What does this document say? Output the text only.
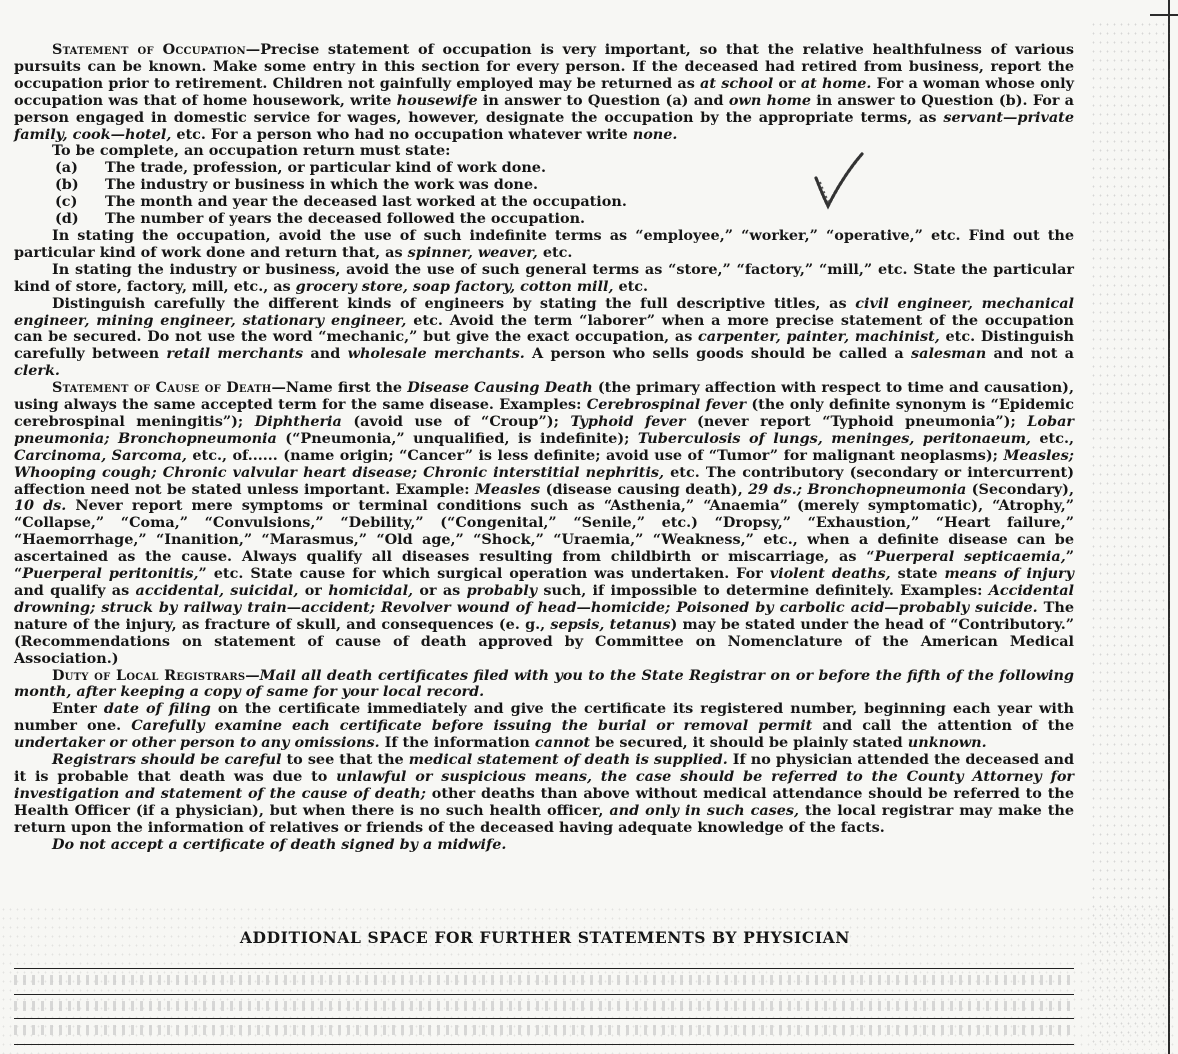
Statement of Occupation—Precise statement of occupation is very important, so that the relative healthfulness of various pursuits can be known. Make some entry in this section for every person. If the deceased had retired from business, report the occupation prior to retirement. Children not gainfully employed may be returned as at school or at home. For a woman whose only occupation was that of home housework, write housewife in answer to Question (a) and own home in answer to Question (b). For a person engaged in domestic service for wages, however, designate the occupation by the appropriate terms, as servant—private family, cook—hotel, etc. For a person who had no occupation whatever write none.

To be complete, an occupation return must state:

(a)	The trade, profession, or particular kind of work done.
(b)	The industry or business in which the work was done.
(c)	The month and year the deceased last worked at the occupation.
(d)	The number of years the deceased followed the occupation.

In stating the occupation, avoid the use of such indefinite terms as “employee,” “worker,” “operative,” etc. Find out the particular kind of work done and return that, as spinner, weaver, etc.

In stating the industry or business, avoid the use of such general terms as “store,” “factory,” “mill,” etc. State the particular kind of store, factory, mill, etc., as grocery store, soap factory, cotton mill, etc.

Distinguish carefully the different kinds of engineers by stating the full descriptive titles, as civil engineer, mechanical engineer, mining engineer, stationary engineer, etc. Avoid the term “laborer” when a more precise statement of the occupation can be secured. Do not use the word “mechanic,” but give the exact occupation, as carpenter, painter, machinist, etc. Distinguish carefully between retail merchants and wholesale merchants. A person who sells goods should be called a salesman and not a clerk.

Statement of Cause of Death—Name first the Disease Causing Death (the primary affection with respect to time and causation), using always the same accepted term for the same disease. Examples: Cerebrospinal fever (the only definite synonym is “Epidemic cerebrospinal meningitis”); Diphtheria (avoid use of “Croup”); Typhoid fever (never report “Typhoid pneumonia”); Lobar pneumonia; Bronchopneumonia (“Pneumonia,” unqualified, is indefinite); Tuberculosis of lungs, meninges, peritonaeum, etc., Carcinoma, Sarcoma, etc., of...... (name origin; “Cancer” is less definite; avoid use of “Tumor” for malignant neoplasms); Measles; Whooping cough; Chronic valvular heart disease; Chronic interstitial nephritis, etc. The contributory (secondary or intercurrent) affection need not be stated unless important. Example: Measles (disease causing death), 29 ds.; Bronchopneumonia (Secondary), 10 ds. Never report mere symptoms or terminal conditions such as “Asthenia,” “Anaemia” (merely symptomatic), “Atrophy,” “Collapse,” “Coma,” “Convulsions,” “Debility,” (“Congenital,” “Senile,” etc.) “Dropsy,” “Exhaustion,” “Heart failure,” “Haemorrhage,” “Inanition,” “Marasmus,” “Old age,” “Shock,” “Uraemia,” “Weakness,” etc., when a definite disease can be ascertained as the cause. Always qualify all diseases resulting from childbirth or miscarriage, as “Puerperal septicaemia,” “Puerperal peritonitis,” etc. State cause for which surgical operation was undertaken. For violent deaths, state means of injury and qualify as accidental, suicidal, or homicidal, or as probably such, if impossible to determine definitely. Examples: Accidental drowning; struck by railway train—accident; Revolver wound of head—homicide; Poisoned by carbolic acid—probably suicide. The nature of the injury, as fracture of skull, and consequences (e. g., sepsis, tetanus) may be stated under the head of “Contributory.” (Recommendations on statement of cause of death approved by Committee on Nomenclature of the American Medical Association.)

Duty of Local Registrars—Mail all death certificates filed with you to the State Registrar on or before the fifth of the following month, after keeping a copy of same for your local record.

Enter date of filing on the certificate immediately and give the certificate its registered number, beginning each year with number one. Carefully examine each certificate before issuing the burial or removal permit and call the attention of the undertaker or other person to any omissions. If the information cannot be secured, it should be plainly stated unknown.

Registrars should be careful to see that the medical statement of death is supplied. If no physician attended the deceased and it is probable that death was due to unlawful or suspicious means, the case should be referred to the County Attorney for investigation and statement of the cause of death; other deaths than above without medical attendance should be referred to the Health Officer (if a physician), but when there is no such health officer, and only in such cases, the local registrar may make the return upon the information of relatives or friends of the deceased having adequate knowledge of the facts.

Do not accept a certificate of death signed by a midwife.

ADDITIONAL SPACE FOR FURTHER STATEMENTS BY PHYSICIAN
